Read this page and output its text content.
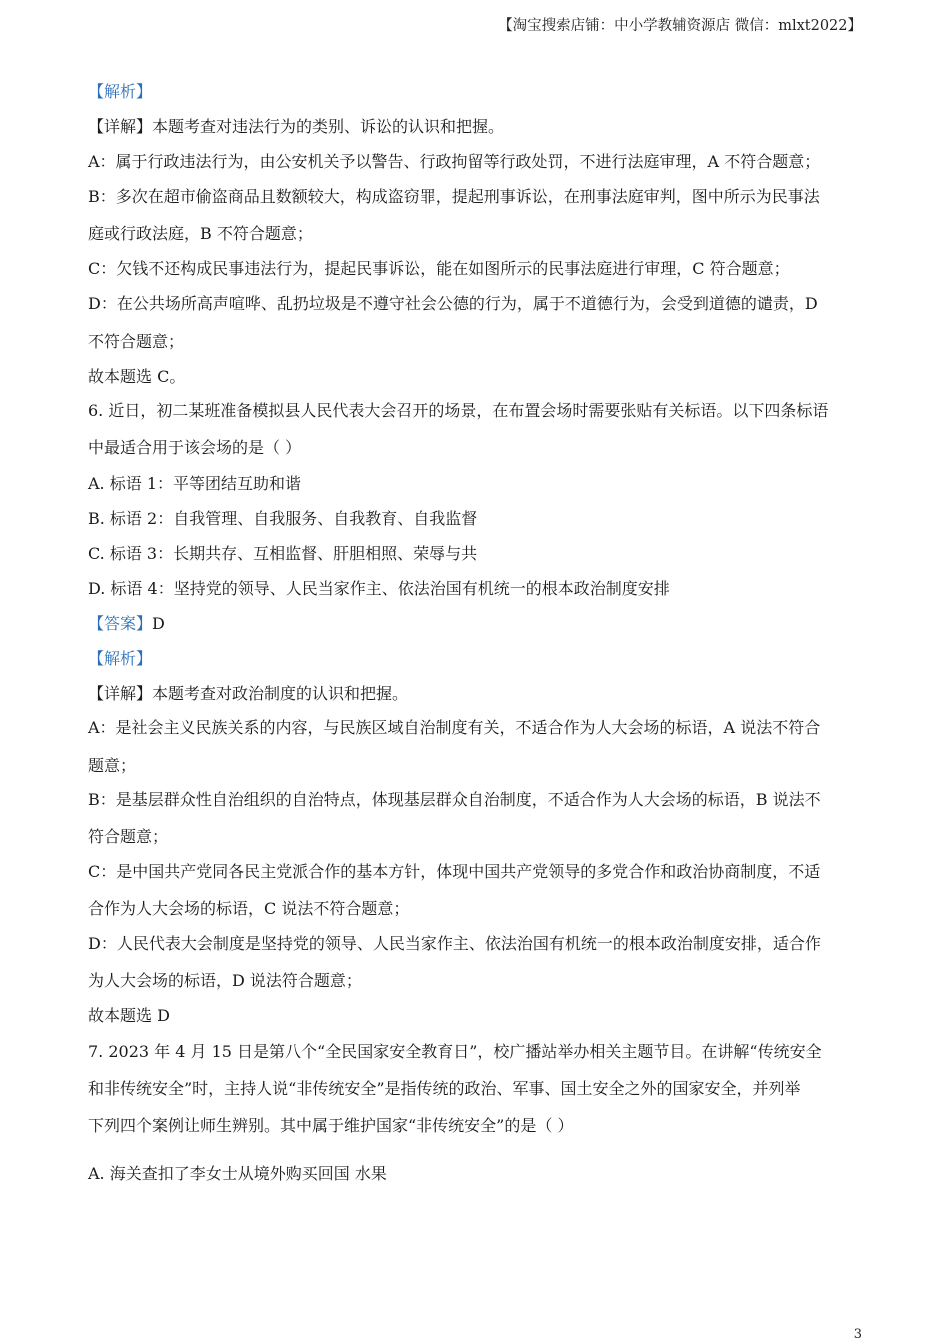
【淘宝搜索店铺：中小学教辅资源店 微信：mlxt2022】
3
【解析】
【详解】本题考查对违法行为的类别、诉讼的认识和把握。
A：属于行政违法行为，由公安机关予以警告、行政拘留等行政处罚，不进行法庭审理，A 不符合题意；
B：多次在超市偷盗商品且数额较大，构成盗窃罪，提起刑事诉讼，在刑事法庭审判，图中所示为民事法
庭或行政法庭，B 不符合题意；
C：欠钱不还构成民事违法行为，提起民事诉讼，能在如图所示的民事法庭进行审理，C 符合题意；
D：在公共场所高声喧哗、乱扔垃圾是不遵守社会公德的行为，属于不道德行为，会受到道德的谴责，D
不符合题意；
故本题选 C。
6. 近日，初二某班准备模拟县人民代表大会召开的场景，在布置会场时需要张贴有关标语。以下四条标语
中最适合用于该会场的是（ ）
A. 标语 1：平等团结互助和谐
B. 标语 2：自我管理、自我服务、自我教育、自我监督
C. 标语 3：长期共存、互相监督、肝胆相照、荣辱与共
D. 标语 4：坚持党的领导、人民当家作主、依法治国有机统一的根本政治制度安排
【答案】D
【解析】
【详解】本题考查对政治制度的认识和把握。
A：是社会主义民族关系的内容，与民族区域自治制度有关，不适合作为人大会场的标语，A 说法不符合
题意；
B：是基层群众性自治组织的自治特点，体现基层群众自治制度，不适合作为人大会场的标语，B 说法不
符合题意；
C：是中国共产党同各民主党派合作的基本方针，体现中国共产党领导的多党合作和政治协商制度，不适
合作为人大会场的标语，C 说法不符合题意；
D：人民代表大会制度是坚持党的领导、人民当家作主、依法治国有机统一的根本政治制度安排，适合作
为人大会场的标语，D 说法符合题意；
故本题选 D
7. 2023 年 4 月 15 日是第八个“全民国家安全教育日”，校广播站举办相关主题节目。在讲解“传统安全
和非传统安全”时，主持人说“非传统安全”是指传统的政治、军事、国土安全之外的国家安全，并列举
下列四个案例让师生辨别。其中属于维护国家“非传统安全”的是（ ）
A. 海关查扣了李女士从境外购买回国 水果
